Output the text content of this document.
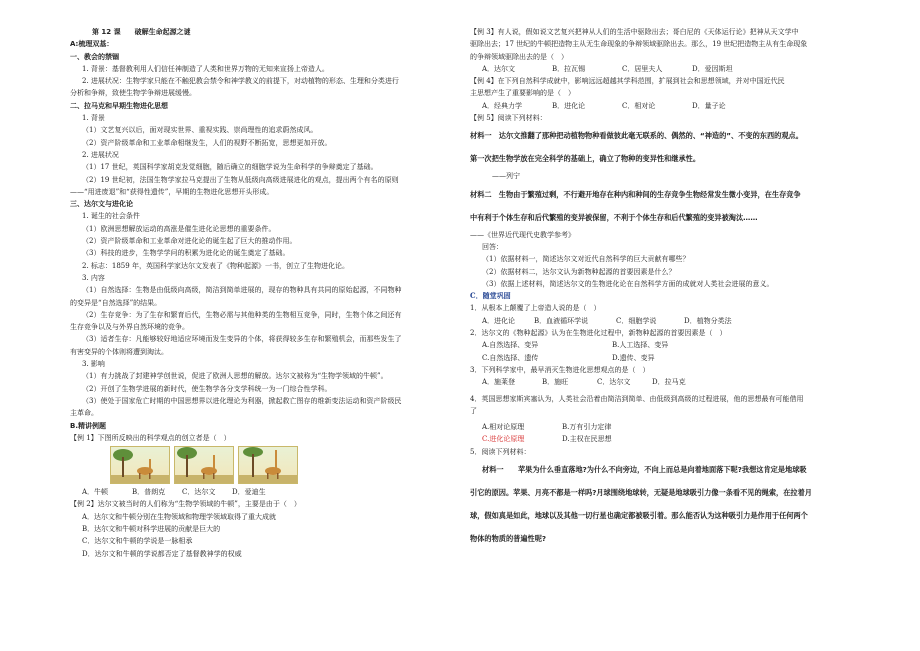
第 12 课　　破解生命起源之谜
A:梳理双基：
一、教会的禁锢
1. 背景：基督教利用人们信任神制造了人类和世界万物的无知来宣扬上帝造人。
2. 进展状况：生物学家只能在不触犯教会禁令和神学教义的前提下，对动植物的形态、生理和分类进行
分析和争辩，致使生物学争辩进展缓慢。
二、拉马克和早期生物进化思想
1. 背景
（1）文艺复兴以后，面对现实世界、重视实践、崇尚理性的追求蔚然成风。
（2）资产阶级革命和工业革命相继发生，人们的视野不断拓宽，思想更加开放。
2. 进展状况
（1）17 世纪，英国科学家胡克发觉细胞，随后确立的细胞学说为生命科学的争辩奠定了基础。
（2）19 世纪初，法国生物学家拉马克提出了生物从低级向高级进展进化的观点，提出两个有名的原则
——“用进废退”和“获得性遗传”，早期的生物进化思想开头形成。
三、达尔文与进化论
1. 诞生的社会条件
（1）欧洲思想解放运动的高涨是催生进化论思想的重要条件。
（2）资产阶级革命和工业革命对进化论的诞生起了巨大的推动作用。
（3）科技的进步，生物学学问的积累为进化论的诞生奠定了基础。
2. 标志：1859 年，英国科学家达尔文发表了《物种起源》一书，创立了生物进化论。
3. 内容
（1）自然选择：生物是由低级向高级，简洁到简单进展的，现存的物种具有共同的原始起源，不同物种
的变异是“自然选择”的结果。
（2）生存竞争：为了生存和繁育后代，生物必需与其他种类的生物相互竞争，同时，生物个体之间还有
生存竞争以及与外界自然环境的竞争。
（3）适者生存：凡能够较好地适应环境而发生变异的个体，将获得较多生存和繁殖机会，而那些发生了
有害变异的个体则将遭到淘汰。
3. 影响
（1）有力挑战了封建神学创世说，促进了欧洲人思想的解放。达尔文被称为“生物学领域的牛顿”。
（2）开创了生物学进展的新时代，使生物学各分支学科统一为一门综合性学科。
（3）使处于国家危亡时期的中国思想界以进化理论为利器，掀起救亡图存的维新变法运动和资产阶级民
主革命。
B.精讲例题
【例 1】下图所反映出的科学观点的创立者是（　）
A．牛顿	B．普朗克	C．达尔文	D．爱迪生
【例 2】达尔文被当时的人们称为“生物学领域的牛顿”，主要是由于（　）
A．达尔文和牛顿分别在生物领域和物理学领域取得了重大成就
B．达尔文和牛顿对科学进展的贡献是巨大的
C．达尔文和牛顿的学说是一脉相承
D．达尔文和牛顿的学说都否定了基督教神学的权威
【例 3】有人说，假如说文艺复兴把神从人们的生活中驱除出去；哥白尼的《天体运行论》把神从天文学中
驱除出去；17 世纪的牛顿把造物主从无生命现象的争辩领域驱除出去。那么，19 世纪把造物主从有生命现象
的争辩领域驱除出去的是（　）
A．达尔文	B．拉瓦锡	C．居里夫人	D．爱因斯坦
【例 4】在下列自然科学成就中，影响远远超越其学科范围，扩展到社会和思想领域，并对中国近代民
主思想产生了重要影响的是（　）
A．经典力学	B．进化论	C．相对论	D．量子论
【例 5】阅读下列材料：
材料一　达尔文推翻了那种把动植物物种看做彼此毫无联系的、偶然的、“神造的”、不变的东西的观点。
第一次把生物学放在完全科学的基础上，确立了物种的变异性和继承性。
——列宁
材料二　生物由于繁殖过剩，不行避开地存在种内和种间的生存竞争生物经常发生微小变异，在生存竞争
中有利于个体生存和后代繁殖的变异被保留，不利于个体生存和后代繁殖的变异被淘汰……
——《世界近代现代史教学参考》
回答：
（1）依据材料一，简述达尔文对近代自然科学的巨大贡献有哪些？
（2）依据材料二，达尔文认为新物种起源的首要因素是什么？
（3）依据上述材料，简述达尔文的生物进化论在自然科学方面的成就对人类社会进展的意义。
C．随堂巩固
1．从根本上颠覆了上帝造人说的是（　）
A．进化论	B．血液循环学说	C．细胞学说	D．植物分类法
2．达尔文的《物种起源》认为在生物进化过程中，新物种起源的首要因素是（　）
A.自然选择、变异	B.人工选择、变异
C.自然选择、遗传	D.遗传、变异
3．下列科学家中，最早消灭生物进化思想观点的是（　）
A．施莱登	B．施旺	C．达尔文	D．拉马克
4．英国思想家斯宾塞认为，人类社会沿着由简洁到简单、由低级到高级的过程进展，他的思想最有可能借用
了
A.相对论原理	B.万有引力定律
C.进化论原理	D.主权在民思想
5．阅读下列材料：
材料一　　苹果为什么垂直落地?为什么不向旁边，不向上而总是向着地面落下呢?我想这肯定是地球吸
引它的原因。苹果、月亮不都是一样吗?月球围绕地球转，无疑是地球吸引力像一条看不见的绳索，在拉着月
球，假如真是如此，地球以及其他一切行星也确定都被吸引着。那么能否认为这种吸引力是作用于任何两个
物体的物质的普遍性呢?
